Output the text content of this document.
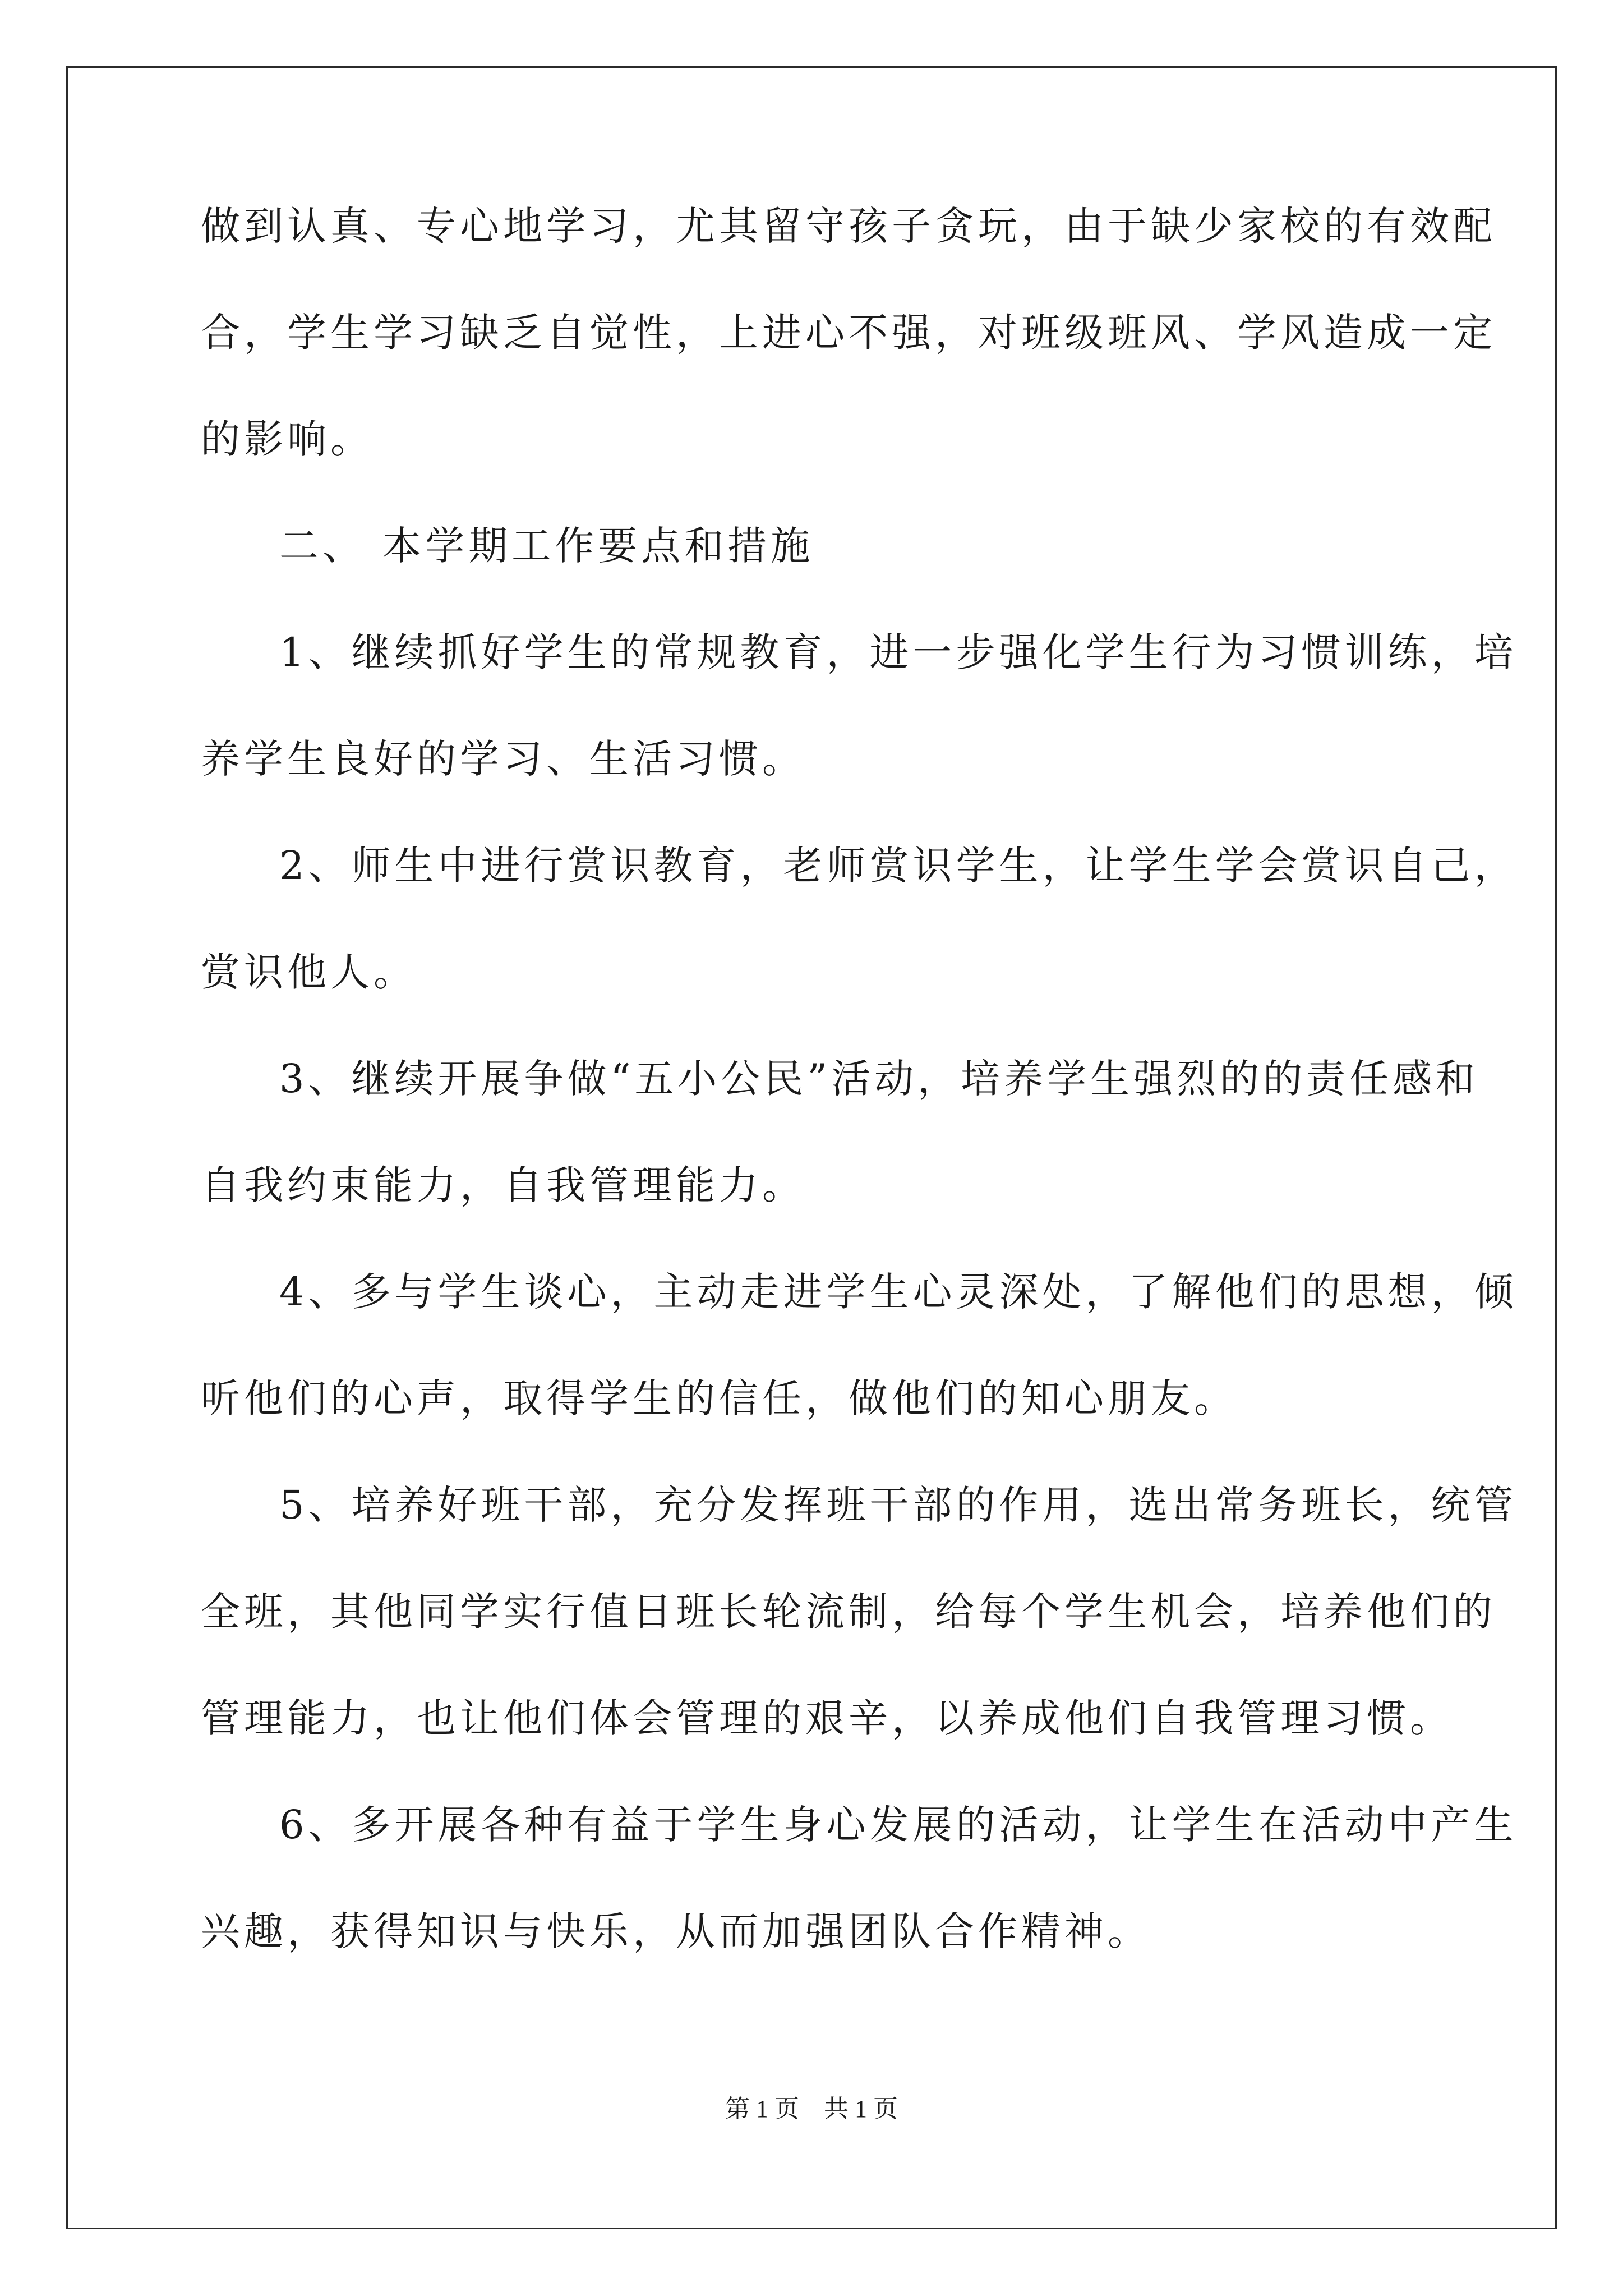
做到认真、专心地学习，尤其留守孩子贪玩，由于缺少家校的有效配
合，学生学习缺乏自觉性，上进心不强，对班级班风、学风造成一定
的影响。
二、 本学期工作要点和措施
1、继续抓好学生的常规教育，进一步强化学生行为习惯训练，培
养学生良好的学习、生活习惯。
2、师生中进行赏识教育，老师赏识学生，让学生学会赏识自己，
赏识他人。
3、继续开展争做“五小公民”活动，培养学生强烈的的责任感和
自我约束能力，自我管理能力。
4、多与学生谈心，主动走进学生心灵深处，了解他们的思想，倾
听他们的心声，取得学生的信任，做他们的知心朋友。
5、培养好班干部，充分发挥班干部的作用，选出常务班长，统管
全班，其他同学实行值日班长轮流制，给每个学生机会，培养他们的
管理能力，也让他们体会管理的艰辛，以养成他们自我管理习惯。
6、多开展各种有益于学生身心发展的活动，让学生在活动中产生
兴趣，获得知识与快乐，从而加强团队合作精神。
第 1 页　共 1 页
